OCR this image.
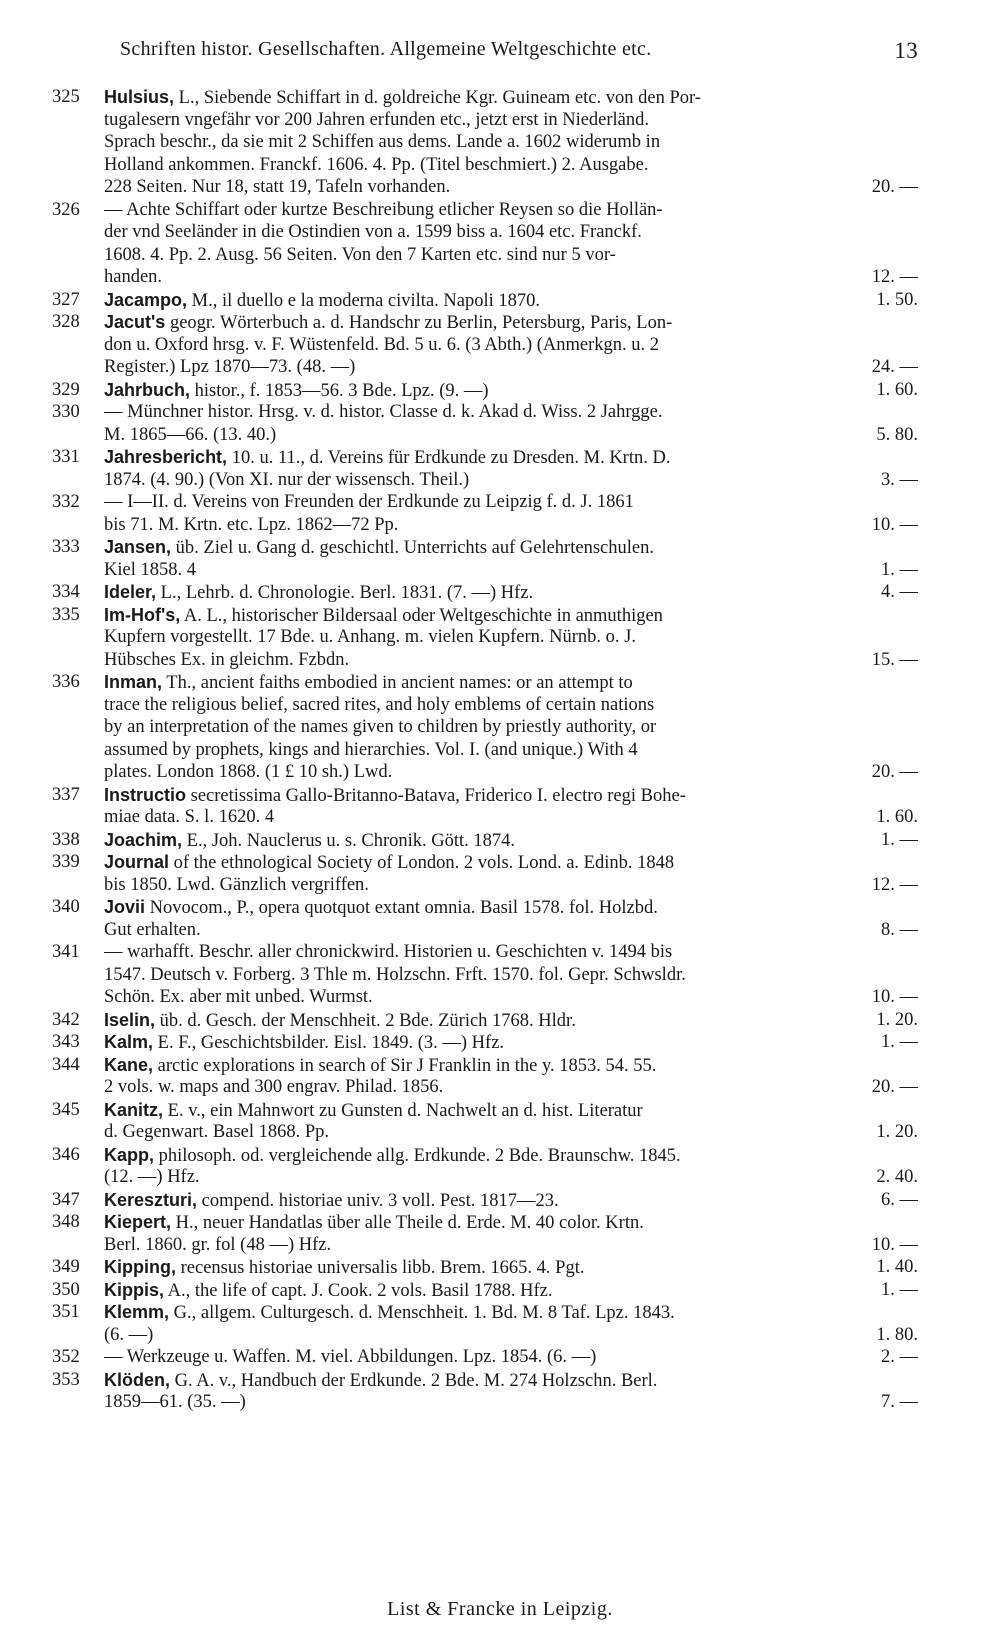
Schriften histor. Gesellschaften. Allgemeine Weltgeschichte etc.	13
325	Hulsius, L., Siebende Schiffart in d. goldreiche Kgr. Guineam etc. von den Por-
tugalesern vngefähr vor 200 Jahren erfunden etc., jetzt erst in Niederländ.
Sprach beschr., da sie mit 2 Schiffen aus dems. Lande a. 1602 widerumb in
Holland ankommen. Franckf. 1606. 4. Pp. (Titel beschmiert.) 2. Ausgabe.
228 Seiten. Nur 18, statt 19, Tafeln vorhanden.	20. —
326	— Achte Schiffart oder kurtze Beschreibung etlicher Reysen so die Hollän-
der vnd Seeländer in die Ostindien von a. 1599 biss a. 1604 etc. Franckf.
1608. 4. Pp. 2. Ausg. 56 Seiten. Von den 7 Karten etc. sind nur 5 vor-
handen.	12. —
327	Jacampo, M., il duello e la moderna civilta. Napoli 1870.	1. 50.
328	Jacut's geogr. Wörterbuch a. d. Handschr zu Berlin, Petersburg, Paris, Lon-
don u. Oxford hrsg. v. F. Wüstenfeld. Bd. 5 u. 6. (3 Abth.) (Anmerkgn. u. 2
Register.) Lpz 1870—73. (48. —)	24. —
329	Jahrbuch, histor., f. 1853—56. 3 Bde. Lpz. (9. —)	1. 60.
330	— Münchner histor. Hrsg. v. d. histor. Classe d. k. Akad d. Wiss. 2 Jahrgge.
M. 1865—66. (13. 40.)	5. 80.
331	Jahresbericht, 10. u. 11., d. Vereins für Erdkunde zu Dresden. M. Krtn. D.
1874. (4. 90.) (Von XI. nur der wissensch. Theil.)	3. —
332	— I—II. d. Vereins von Freunden der Erdkunde zu Leipzig f. d. J. 1861
bis 71. M. Krtn. etc. Lpz. 1862—72 Pp.	10. —
333	Jansen, üb. Ziel u. Gang d. geschichtl. Unterrichts auf Gelehrtenschulen.
Kiel 1858. 4	1. —
334	Ideler, L., Lehrb. d. Chronologie. Berl. 1831. (7. —) Hfz.	4. —
335	Im-Hof's, A. L., historischer Bildersaal oder Weltgeschichte in anmuthigen
Kupfern vorgestellt. 17 Bde. u. Anhang. m. vielen Kupfern. Nürnb. o. J.
Hübsches Ex. in gleichm. Fzbdn.	15. —
336	Inman, Th., ancient faiths embodied in ancient names: or an attempt to
trace the religious belief, sacred rites, and holy emblems of certain nations
by an interpretation of the names given to children by priestly authority, or
assumed by prophets, kings and hierarchies. Vol. I. (and unique.) With 4
plates. London 1868. (1 £ 10 sh.) Lwd.	20. —
337	Instructio secretissima Gallo-Britanno-Batava, Friderico I. electro regi Bohe-
miae data. S. l. 1620. 4	1. 60.
338	Joachim, E., Joh. Nauclerus u. s. Chronik. Gött. 1874.	1. —
339	Journal of the ethnological Society of London. 2 vols. Lond. a. Edinb. 1848
bis 1850. Lwd. Gänzlich vergriffen.	12. —
340	Jovii Novocom., P., opera quotquot extant omnia. Basil 1578. fol. Holzbd.
Gut erhalten.	8. —
341	— warhafft. Beschr. aller chronickwird. Historien u. Geschichten v. 1494 bis
1547. Deutsch v. Forberg. 3 Thle m. Holzschn. Frft. 1570. fol. Gepr. Schwsldr.
Schön. Ex. aber mit unbed. Wurmst.	10. —
342	Iselin, üb. d. Gesch. der Menschheit. 2 Bde. Zürich 1768. Hldr.	1. 20.
343	Kalm, E. F., Geschichtsbilder. Eisl. 1849. (3. —) Hfz.	1. —
344	Kane, arctic explorations in search of Sir J Franklin in the y. 1853. 54. 55.
2 vols. w. maps and 300 engrav. Philad. 1856.	20. —
345	Kanitz, E. v., ein Mahnwort zu Gunsten d. Nachwelt an d. hist. Literatur
d. Gegenwart. Basel 1868. Pp.	1. 20.
346	Kapp, philosoph. od. vergleichende allg. Erdkunde. 2 Bde. Braunschw. 1845.
(12. —) Hfz.	2. 40.
347	Kereszturi, compend. historiae univ. 3 voll. Pest. 1817—23.	6. —
348	Kiepert, H., neuer Handatlas über alle Theile d. Erde. M. 40 color. Krtn.
Berl. 1860. gr. fol (48 —) Hfz.	10. —
349	Kipping, recensus historiae universalis libb. Brem. 1665. 4. Pgt.	1. 40.
350	Kippis, A., the life of capt. J. Cook. 2 vols. Basil 1788. Hfz.	1. —
351	Klemm, G., allgem. Culturgesch. d. Menschheit. 1. Bd. M. 8 Taf. Lpz. 1843.
(6. —)	1. 80.
352	— Werkzeuge u. Waffen. M. viel. Abbildungen. Lpz. 1854. (6. —)	2. —
353	Klöden, G. A. v., Handbuch der Erdkunde. 2 Bde. M. 274 Holzschn. Berl.
1859—61. (35. —)	7. —
List & Francke in Leipzig.
